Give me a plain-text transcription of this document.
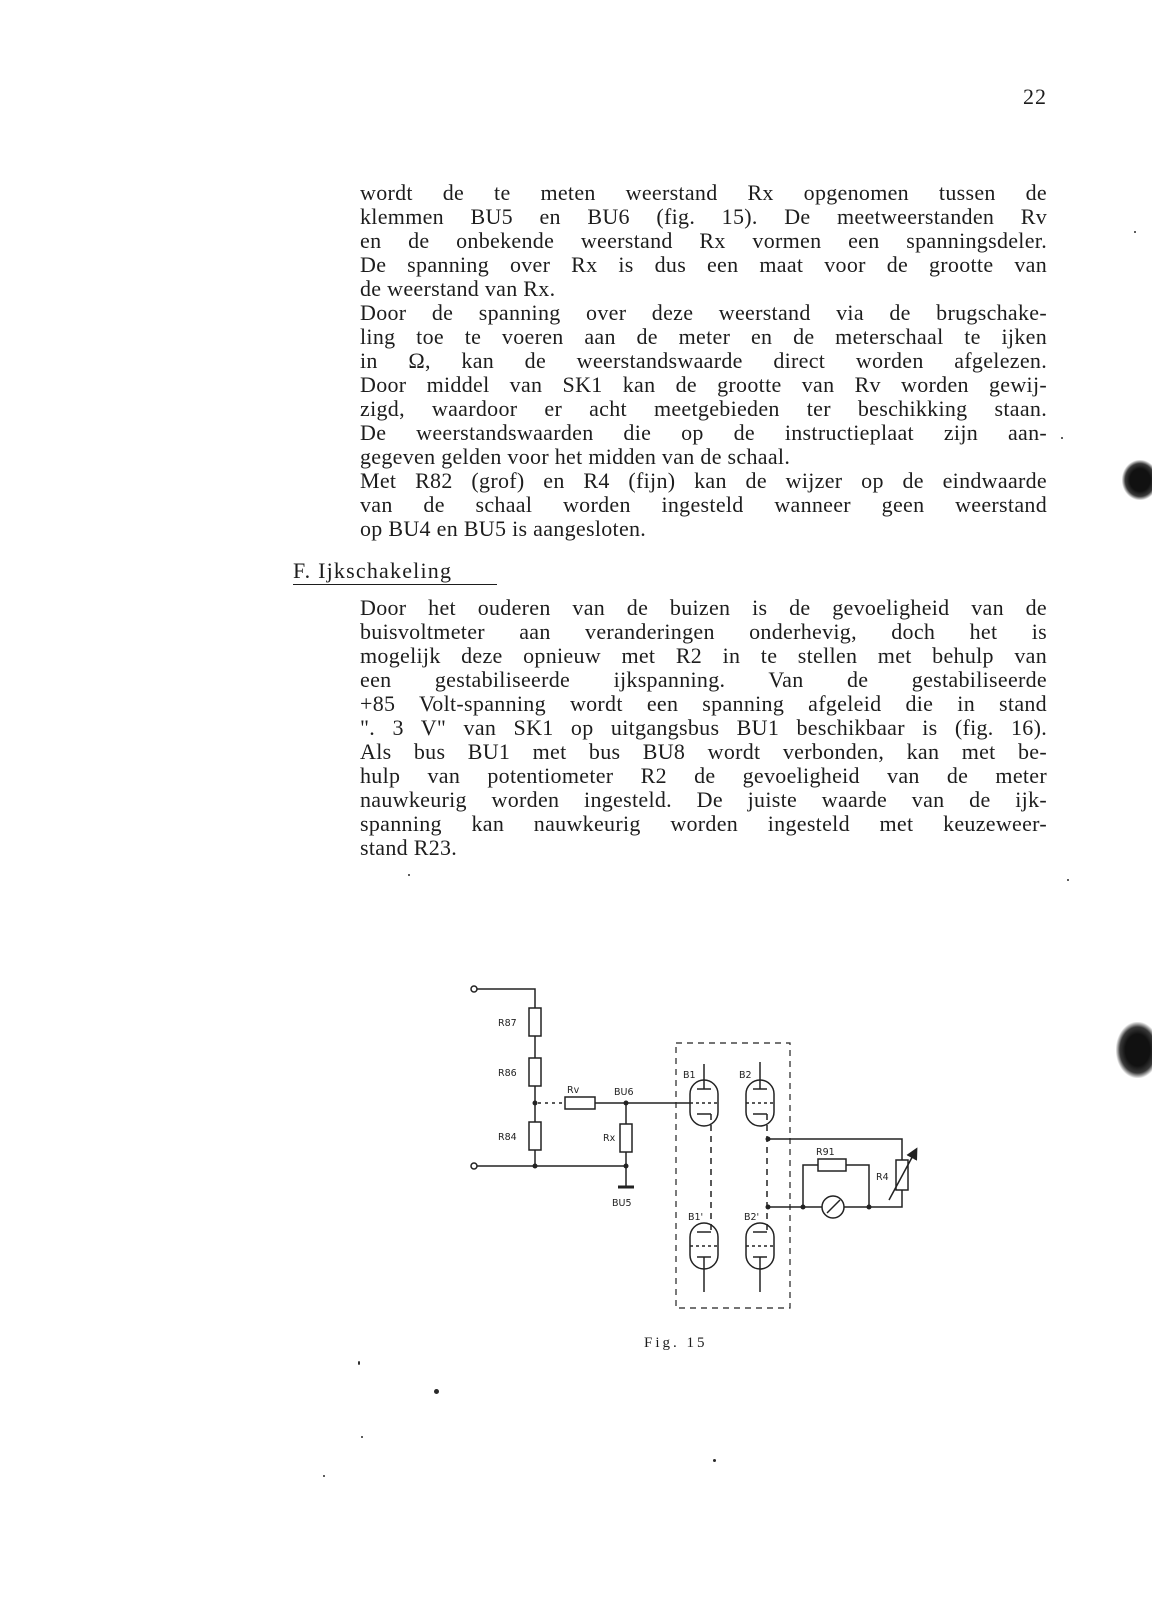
22
wordt de te meten weerstand Rx opgenomen tussen de
klemmen BU5 en BU6 (fig. 15). De meetweerstanden Rv
en de onbekende weerstand Rx vormen een spanningsdeler.
De spanning over Rx is dus een maat voor de grootte van
de weerstand van Rx.
Door de spanning over deze weerstand via de brugschake-
ling toe te voeren aan de meter en de meterschaal te ijken
in Ω, kan de weerstandswaarde direct worden afgelezen.
Door middel van SK1 kan de grootte van Rv worden gewij-
zigd, waardoor er acht meetgebieden ter beschikking staan.
De weerstandswaarden die op de instructieplaat zijn aan-
gegeven gelden voor het midden van de schaal.
Met R82 (grof) en R4 (fijn) kan de wijzer op de eindwaarde
van de schaal worden ingesteld wanneer geen weerstand
op BU4 en BU5 is aangesloten.
F. Ijkschakeling
Door het ouderen van de buizen is de gevoeligheid van de
buisvoltmeter aan veranderingen onderhevig, doch het is
mogelijk deze opnieuw met R2 in te stellen met behulp van
een gestabiliseerde ijkspanning. Van de gestabiliseerde
+85 Volt-spanning wordt een spanning afgeleid die in stand
". 3 V" van SK1 op uitgangsbus BU1 beschikbaar is (fig. 16).
Als bus BU1 met bus BU8 wordt verbonden, kan met be-
hulp van potentiometer R2 de gevoeligheid van de meter
nauwkeurig worden ingesteld. De juiste waarde van de ijk-
spanning kan nauwkeurig worden ingesteld met keuzeweer-
stand R23.
R87
R86
R84
Rv	BU6
Rx
BU5
B1	B2
B1'	B2'
R91
R4
Fig. 15
